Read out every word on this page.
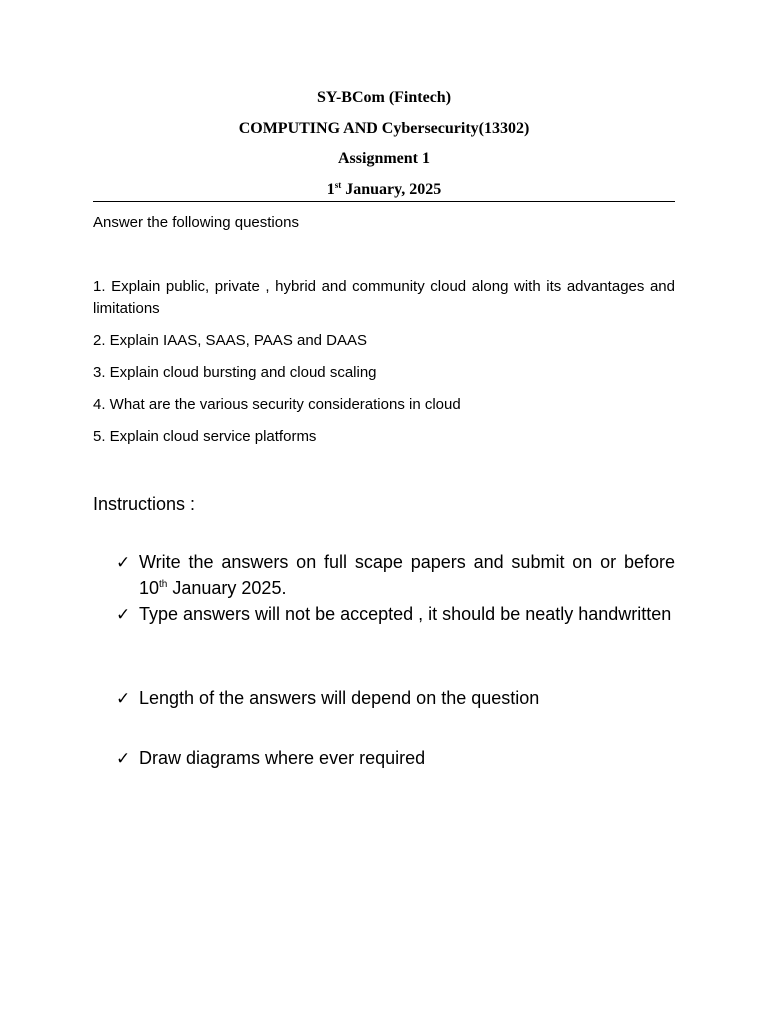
SY-BCom (Fintech)
COMPUTING AND Cybersecurity(13302)
Assignment 1
1st January, 2025
Answer the following questions

1. Explain public, private , hybrid and community cloud along with its advantages and limitations

2. Explain IAAS, SAAS, PAAS and DAAS

3. Explain cloud bursting and cloud scaling

4. What are the various security considerations in cloud

5. Explain cloud service platforms

Instructions :
✓ Write the answers on full scape papers and submit on or before 10th January 2025.
✓ Type answers will not be accepted , it should be neatly handwritten
✓ Length of the answers will depend on the question
✓ Draw diagrams where ever required
